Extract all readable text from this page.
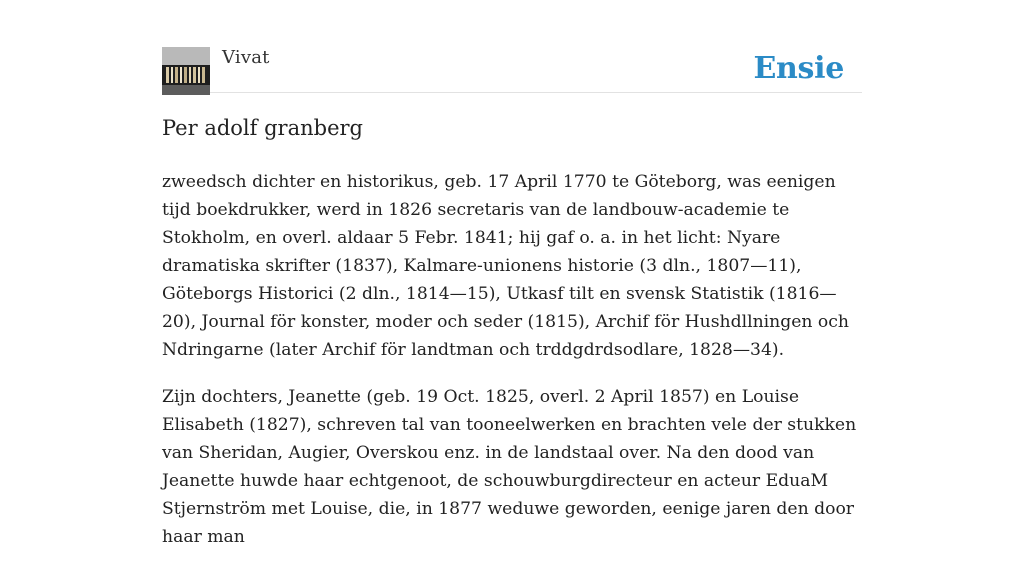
Vivat	Ensie
Per adolf granberg

zweedsch dichter en historikus, geb. 17 April 1770 te Göteborg, was eenigen tijd boekdrukker, werd in 1826 secretaris van de landbouw-academie te Stokholm, en overl. aldaar 5 Febr. 1841; hij gaf o. a. in het licht: Nyare dramatiska skrifter (1837), Kalmare-unionens historie (3 dln., 1807—11), Göteborgs Historici (2 dln., 1814—15), Utkasf tilt en svensk Statistik (1816—20), Journal för konster, moder och seder (1815), Archif för Hushdllningen och Ndringarne (later Archif för landtman och trddgdrdsodlare, 1828—34).

Zijn dochters, Jeanette (geb. 19 Oct. 1825, overl. 2 April 1857) en Louise Elisabeth (1827), schreven tal van tooneelwerken en brachten vele der stukken van Sheridan, Augier, Overskou enz. in de landstaal over. Na den dood van Jeanette huwde haar echtgenoot, de schouwburgdirecteur en acteur EduaM Stjernström met Louise, die, in 1877 weduwe geworden, eenige jaren den door haar man
